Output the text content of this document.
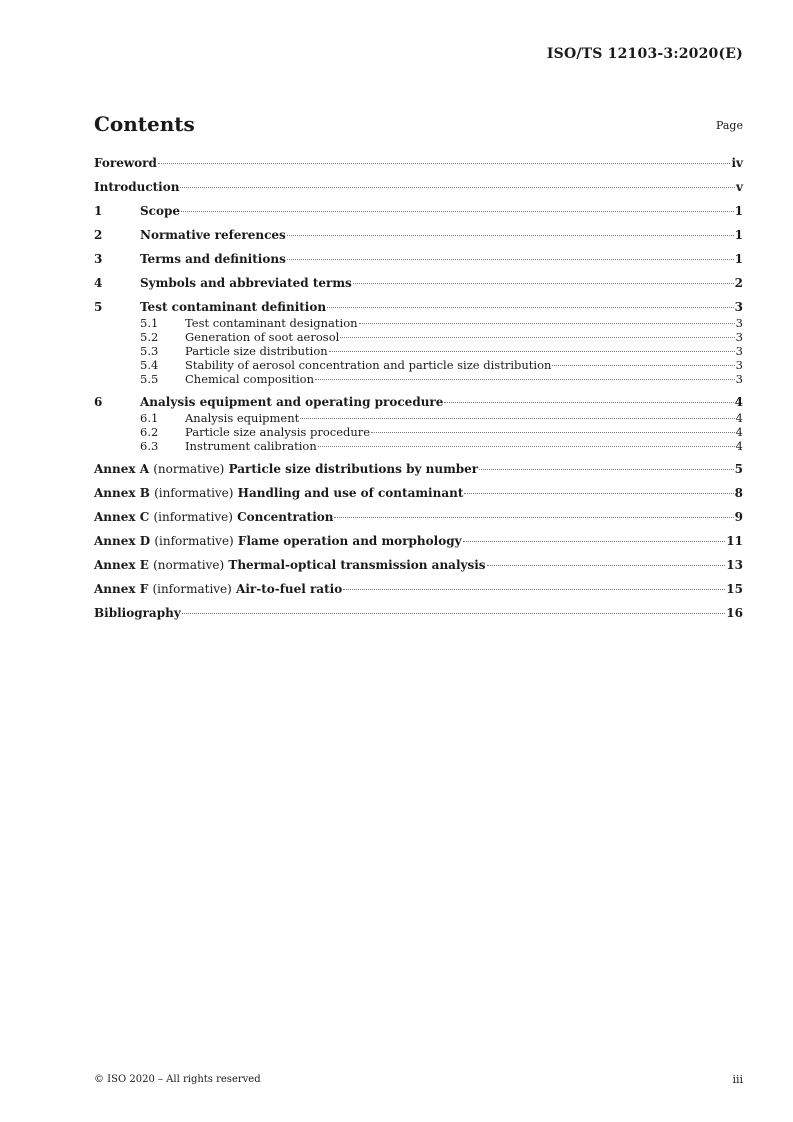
ISO/TS 12103-3:2020(E)
Contents	Page
Foreword	iv
Introduction	v
1	Scope	1
2	Normative references	1
3	Terms and definitions	1
4	Symbols and abbreviated terms	2
5	Test contaminant definition	3
5.1	Test contaminant designation	3
5.2	Generation of soot aerosol	3
5.3	Particle size distribution	3
5.4	Stability of aerosol concentration and particle size distribution	3
5.5	Chemical composition	3
6	Analysis equipment and operating procedure	4
6.1	Analysis equipment	4
6.2	Particle size analysis procedure	4
6.3	Instrument calibration	4
Annex A (normative) Particle size distributions by number	5
Annex B (informative) Handling and use of contaminant	8
Annex C (informative) Concentration	9
Annex D (informative) Flame operation and morphology	11
Annex E (normative) Thermal-optical transmission analysis	13
Annex F (informative) Air-to-fuel ratio	15
Bibliography	16
© ISO 2020 – All rights reserved	iii
